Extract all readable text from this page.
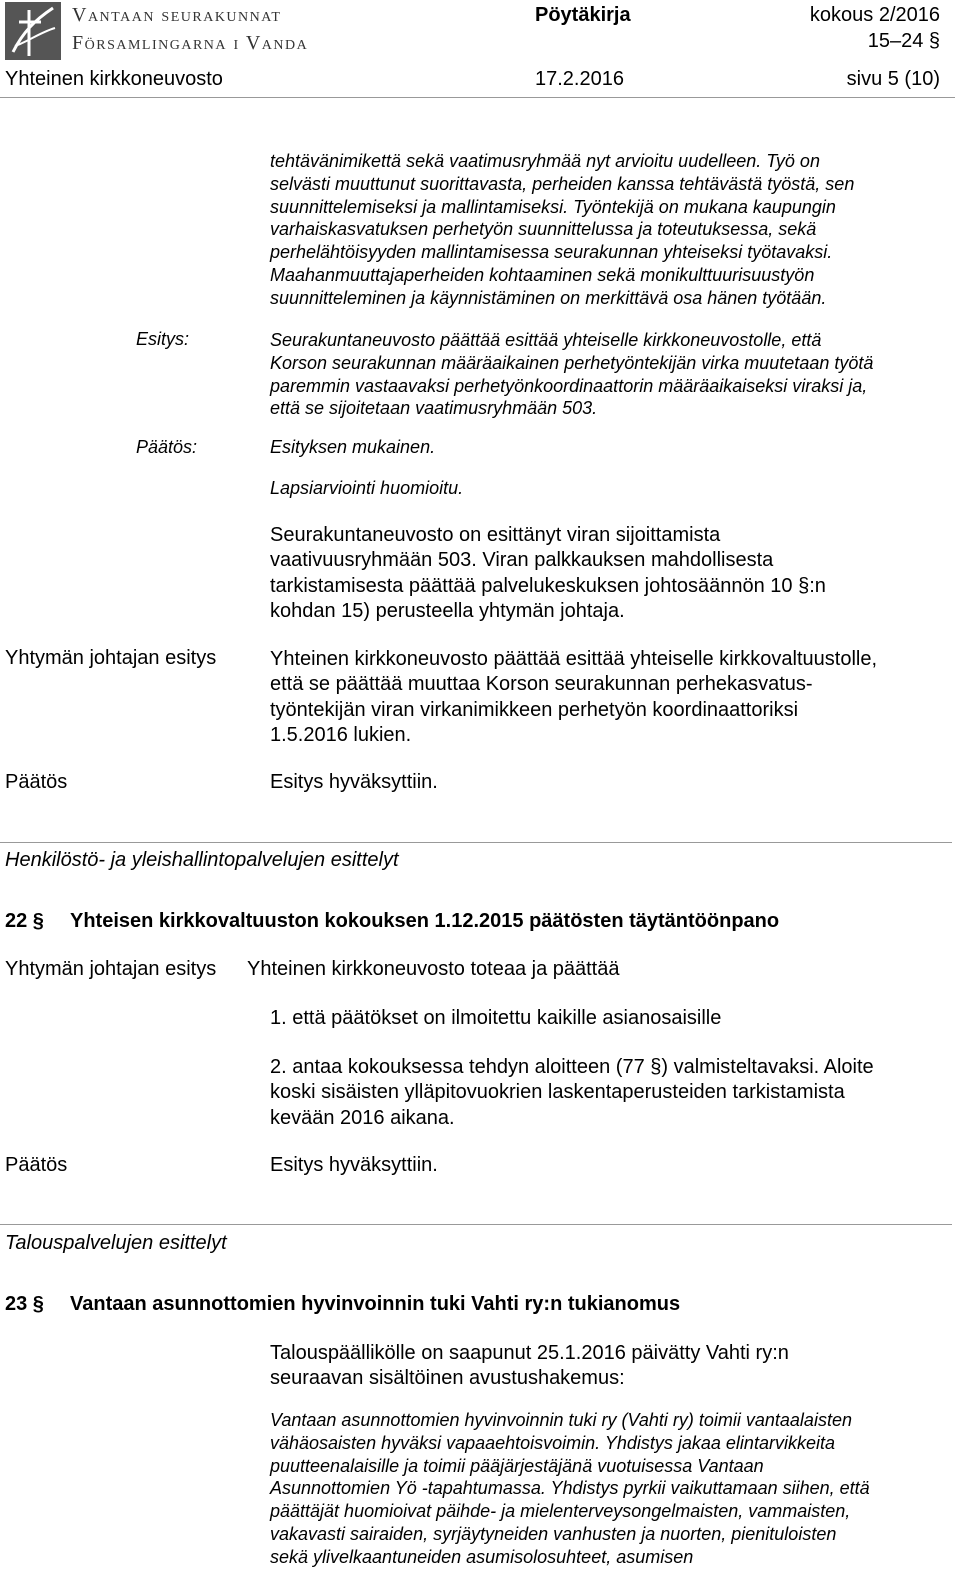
Vantaan seurakunnat
Församlingarna i Vanda
Pöytäkirja	kokous 2/2016
15–24 §
Yhteinen kirkkoneuvosto	17.2.2016	sivu 5 (10)
tehtävänimikettä sekä vaatimusryhmää nyt arvioitu uudelleen. Työ on
selvästi muuttunut suorittavasta, perheiden kanssa tehtävästä työstä, sen
suunnittelemiseksi ja mallintamiseksi. Työntekijä on mukana kaupungin
varhaiskasvatuksen perhetyön suunnittelussa ja toteutuksessa, sekä
perhelähtöisyyden mallintamisessa seurakunnan yhteiseksi työtavaksi.
Maahanmuuttajaperheiden kohtaaminen sekä monikulttuurisuustyön
suunnitteleminen ja käynnistäminen on merkittävä osa hänen työtään.
Esitys:	Seurakuntaneuvosto päättää esittää yhteiselle kirkkoneuvostolle, että
Korson seurakunnan määräaikainen perhetyöntekijän virka muutetaan työtä
paremmin vastaavaksi perhetyönkoordinaattorin määräaikaiseksi viraksi ja,
että se sijoitetaan vaatimusryhmään 503.
Päätös:	Esityksen mukainen.
Lapsiarviointi huomioitu.
Seurakuntaneuvosto on esittänyt viran sijoittamista
vaativuusryhmään 503. Viran palkkauksen mahdollisesta
tarkistamisesta päättää palvelukeskuksen johtosäännön 10 §:n
kohdan 15) perusteella yhtymän johtaja.
Yhtymän johtajan esitys	Yhteinen kirkkoneuvosto päättää esittää yhteiselle kirkkovaltuustolle,
että se päättää muuttaa Korson seurakunnan perhekasvatus-
työntekijän viran virkanimikkeen perhetyön koordinaattoriksi
1.5.2016 lukien.
Päätös	Esitys hyväksyttiin.
Henkilöstö- ja yleishallintopalvelujen esittelyt
22 § Yhteisen kirkkovaltuuston kokouksen 1.12.2015 päätösten täytäntöönpano
Yhtymän johtajan esitys Yhteinen kirkkoneuvosto toteaa ja päättää
1. että päätökset on ilmoitettu kaikille asianosaisille
2. antaa kokouksessa tehdyn aloitteen (77 §) valmisteltavaksi. Aloite
koski sisäisten ylläpitovuokrien laskentaperusteiden tarkistamista
kevään 2016 aikana.
Päätös	Esitys hyväksyttiin.
Talouspalvelujen esittelyt
23 § Vantaan asunnottomien hyvinvoinnin tuki Vahti ry:n tukianomus
Talouspäällikölle on saapunut 25.1.2016 päivätty Vahti ry:n
seuraavan sisältöinen avustushakemus:
Vantaan asunnottomien hyvinvoinnin tuki ry (Vahti ry) toimii vantaalaisten
vähäosaisten hyväksi vapaaehtoisvoimin. Yhdistys jakaa elintarvikkeita
puutteenalaisille ja toimii pääjärjestäjänä vuotuisessa Vantaan
Asunnottomien Yö -tapahtumassa. Yhdistys pyrkii vaikuttamaan siihen, että
päättäjät huomioivat päihde- ja mielenterveysongelmaisten, vammaisten,
vakavasti sairaiden, syrjäytyneiden vanhusten ja nuorten, pienituloisten
sekä ylivelkaantuneiden asumisolosuhteet, asumisen
